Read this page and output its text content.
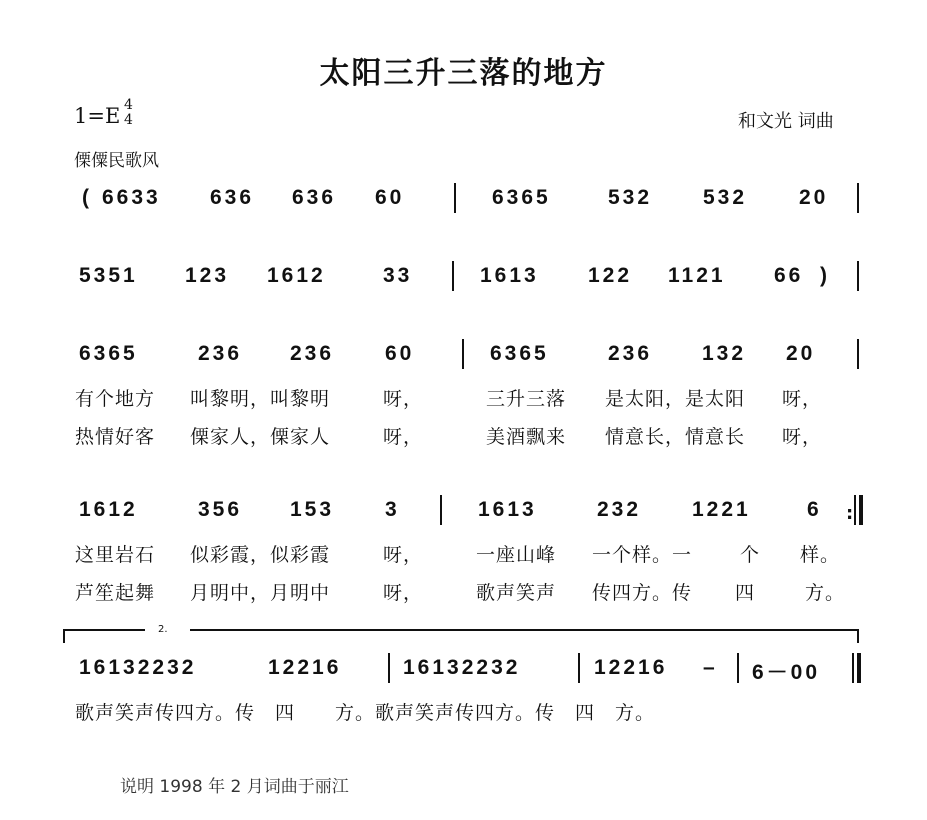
太阳三升三落的地方
1=E 4
4	和文光 词曲
傈僳民歌风
( 6633 636 636 60	6365	532 532 20
5351 123 1612	33	1613 122 1121 66 )
6365	236 236 60	6365	236 132 20
有个地方 叫黎明，叫黎明	呀，	三升三落 是太阳，是太阳 呀，
热情好客 傈家人，傈家人	呀，	美酒飘来 情意长，情意长 呀，
1612	356 153 3	1613	232 1221	6 :
这里岩石 似彩霞，似彩霞	呀，	一座山峰 一个样。一	个 样。
芦笙起舞 月明中，月明中	呀，	歌声笑声 传四方。传 四	方。
2.
16132232	12216	16132232	12216 – 6－00
歌声笑声传四方。传　四　　方。歌声笑声传四方。传　四　方。
说明 1998 年 2 月词曲于丽江
